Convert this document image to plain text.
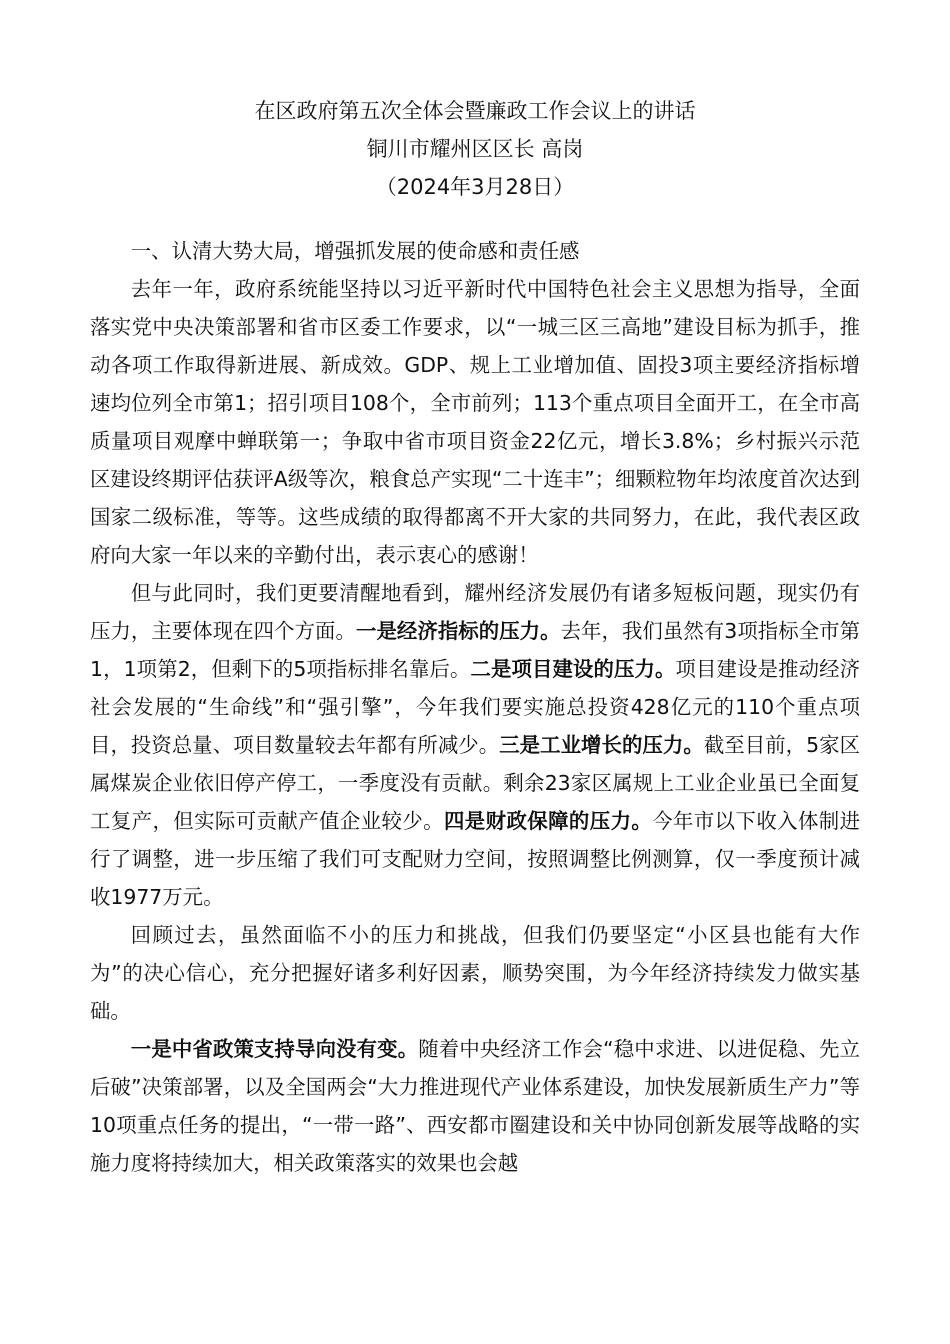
在区政府第五次全体会暨廉政工作会议上的讲话
铜川市耀州区区长 高岗
（2024年3月28日）

一、认清大势大局，增强抓发展的使命感和责任感

去年一年，政府系统能坚持以习近平新时代中国特色社会主义思想为指导，全面落实党中央决策部署和省市区委工作要求，以“一城三区三高地”建设目标为抓手，推动各项工作取得新进展、新成效。GDP、规上工业增加值、固投3项主要经济指标增速均位列全市第1；招引项目108个，全市前列；113个重点项目全面开工，在全市高质量项目观摩中蝉联第一；争取中省市项目资金22亿元，增长3.8%；乡村振兴示范区建设终期评估获评A级等次，粮食总产实现“二十连丰”；细颗粒物年均浓度首次达到国家二级标准，等等。这些成绩的取得都离不开大家的共同努力，在此，我代表区政府向大家一年以来的辛勤付出，表示衷心的感谢！

但与此同时，我们更要清醒地看到，耀州经济发展仍有诸多短板问题，现实仍有压力，主要体现在四个方面。一是经济指标的压力。去年，我们虽然有3项指标全市第1，1项第2，但剩下的5项指标排名靠后。二是项目建设的压力。项目建设是推动经济社会发展的“生命线”和“强引擎”，今年我们要实施总投资428亿元的110个重点项目，投资总量、项目数量较去年都有所减少。三是工业增长的压力。截至目前，5家区属煤炭企业依旧停产停工，一季度没有贡献。剩余23家区属规上工业企业虽已全面复工复产，但实际可贡献产值企业较少。四是财政保障的压力。今年市以下收入体制进行了调整，进一步压缩了我们可支配财力空间，按照调整比例测算，仅一季度预计减收1977万元。

回顾过去，虽然面临不小的压力和挑战，但我们仍要坚定“小区县也能有大作为”的决心信心，充分把握好诸多利好因素，顺势突围，为今年经济持续发力做实基础。

一是中省政策支持导向没有变。随着中央经济工作会“稳中求进、以进促稳、先立后破”决策部署，以及全国两会“大力推进现代产业体系建设，加快发展新质生产力”等10项重点任务的提出，“一带一路”、西安都市圈建设和关中协同创新发展等战略的实施力度将持续加大，相关政策落实的效果也会越
